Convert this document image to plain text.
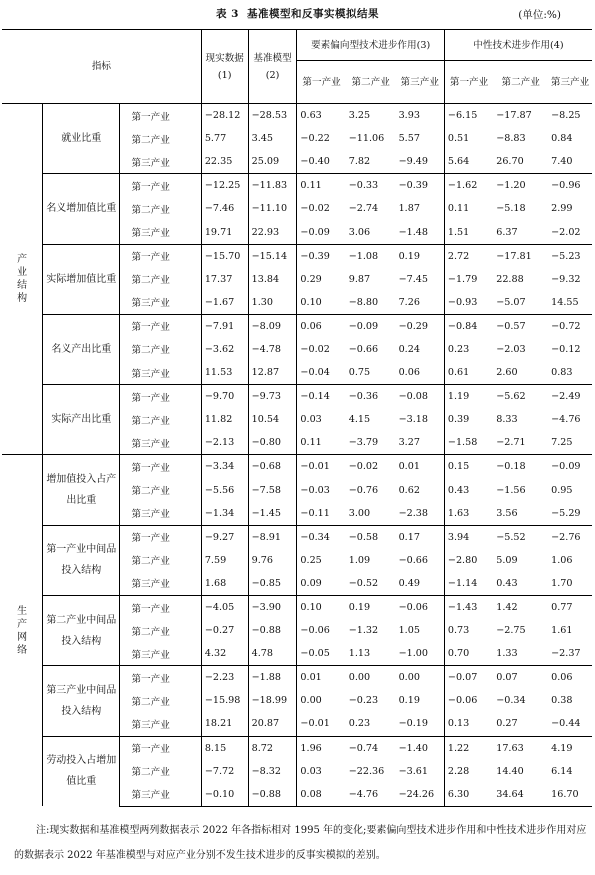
表 3 基准模型和反事实模拟结果	(单位:%)
指标			现实数据(1)	基准模型(2)	要素偏向型技术进步作用(3)			中性技术进步作用(4)		
					第一产业	第二产业	第三产业	第一产业	第二产业	第三产业
产业结构	就业比重	第一产业	−28.12	−28.53	0.63	3.25	3.93	−6.15	−17.87	−8.25
		第二产业	5.77	3.45	−0.22	−11.06	5.57	0.51	−8.83	0.84
		第三产业	22.35	25.09	−0.40	7.82	−9.49	5.64	26.70	7.40
	名义增加值比重	第一产业	−12.25	−11.83	0.11	−0.33	−0.39	−1.62	−1.20	−0.96
		第二产业	−7.46	−11.10	−0.02	−2.74	1.87	0.11	−5.18	2.99
		第三产业	19.71	22.93	−0.09	3.06	−1.48	1.51	6.37	−2.02
	实际增加值比重	第一产业	−15.70	−15.14	−0.39	−1.08	0.19	2.72	−17.81	−5.23
		第二产业	17.37	13.84	0.29	9.87	−7.45	−1.79	22.88	−9.32
		第三产业	−1.67	1.30	0.10	−8.80	7.26	−0.93	−5.07	14.55
	名义产出比重	第一产业	−7.91	−8.09	0.06	−0.09	−0.29	−0.84	−0.57	−0.72
		第二产业	−3.62	−4.78	−0.02	−0.66	0.24	0.23	−2.03	−0.12
		第三产业	11.53	12.87	−0.04	0.75	0.06	0.61	2.60	0.83
	实际产出比重	第一产业	−9.70	−9.73	−0.14	−0.36	−0.08	1.19	−5.62	−2.49
		第二产业	11.82	10.54	0.03	4.15	−3.18	0.39	8.33	−4.76
		第三产业	−2.13	−0.80	0.11	−3.79	3.27	−1.58	−2.71	7.25
生产网络	增加值投入占产出比重	第一产业	−3.34	−0.68	−0.01	−0.02	0.01	0.15	−0.18	−0.09
		第二产业	−5.56	−7.58	−0.03	−0.76	0.62	0.43	−1.56	0.95
		第三产业	−1.34	−1.45	−0.11	3.00	−2.38	1.63	3.56	−5.29
	第一产业中间品投入结构	第一产业	−9.27	−8.91	−0.34	−0.58	0.17	3.94	−5.52	−2.76
		第二产业	7.59	9.76	0.25	1.09	−0.66	−2.80	5.09	1.06
		第三产业	1.68	−0.85	0.09	−0.52	0.49	−1.14	0.43	1.70
	第二产业中间品投入结构	第一产业	−4.05	−3.90	0.10	0.19	−0.06	−1.43	1.42	0.77
		第二产业	−0.27	−0.88	−0.06	−1.32	1.05	0.73	−2.75	1.61
		第三产业	4.32	4.78	−0.05	1.13	−1.00	0.70	1.33	−2.37
	第三产业中间品投入结构	第一产业	−2.23	−1.88	0.01	0.00	0.00	−0.07	0.07	0.06
		第二产业	−15.98	−18.99	0.00	−0.23	0.19	−0.06	−0.34	0.38
		第三产业	18.21	20.87	−0.01	0.23	−0.19	0.13	0.27	−0.44
	劳动投入占增加值比重	第一产业	8.15	8.72	1.96	−0.74	−1.40	1.22	17.63	4.19
		第二产业	−7.72	−8.32	0.03	−22.36	−3.61	2.28	14.40	6.14
		第三产业	−0.10	−0.88	0.08	−4.76	−24.26	6.30	34.64	16.70
注:现实数据和基准模型两列数据表示 2022 年各指标相对 1995 年的变化;要素偏向型技术进步作用和中性技术进步作用对应的数据表示 2022 年基准模型与对应产业分别不发生技术进步的反事实模拟的差别。
